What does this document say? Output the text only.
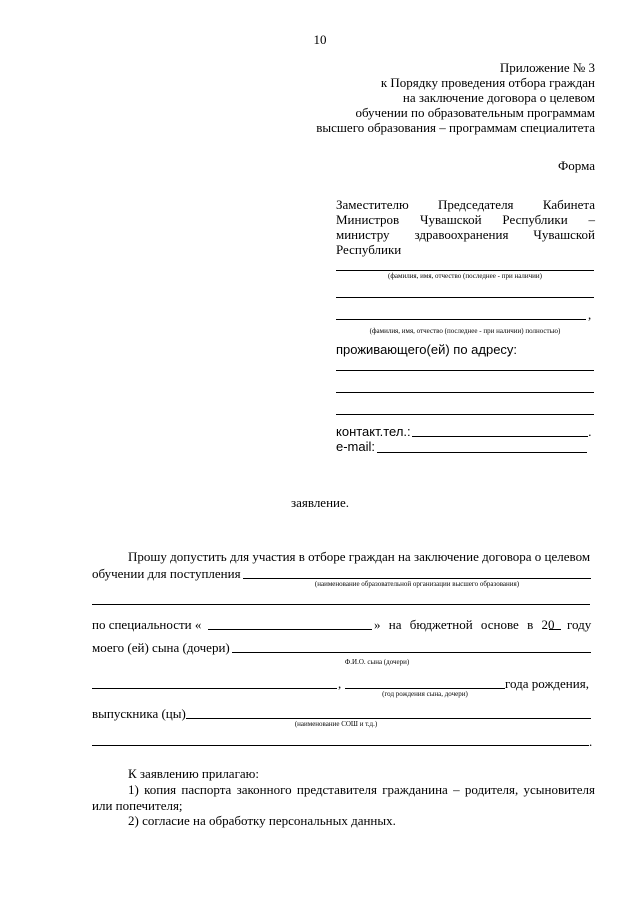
10
Приложение № 3
к Порядку проведения отбора граждан
на заключение договора о целевом
обучении по образовательным программам
высшего образования – программам специалитета
Форма
Заместителю Председателя Кабинета
Министров Чувашской Республики –
министру здравоохранения Чувашской
Республики
(фамилия, имя, отчество (последнее - при наличии)
,
(фамилия, имя, отчество (последнее - при наличии) полностью)
проживающего(ей) по адресу:
контакт.тел.:	.
e-mail:
заявление.
Прошу допустить для участия в отборе граждан на заключение договора о целевом
обучении для поступления
(наименование образовательной организации высшего образования)
по специальности «	» на бюджетной основе в 20 году
моего (ей) сына (дочери)
Ф.И.О. сына (дочери)
,	года рождения,
(год рождения сына, дочери)
выпускника (цы)
(наименование СОШ и т.д.)
.
К заявлению прилагаю:
1) копия паспорта законного представителя гражданина – родителя, усыновителя
или попечителя;
2) согласие на обработку персональных данных.
